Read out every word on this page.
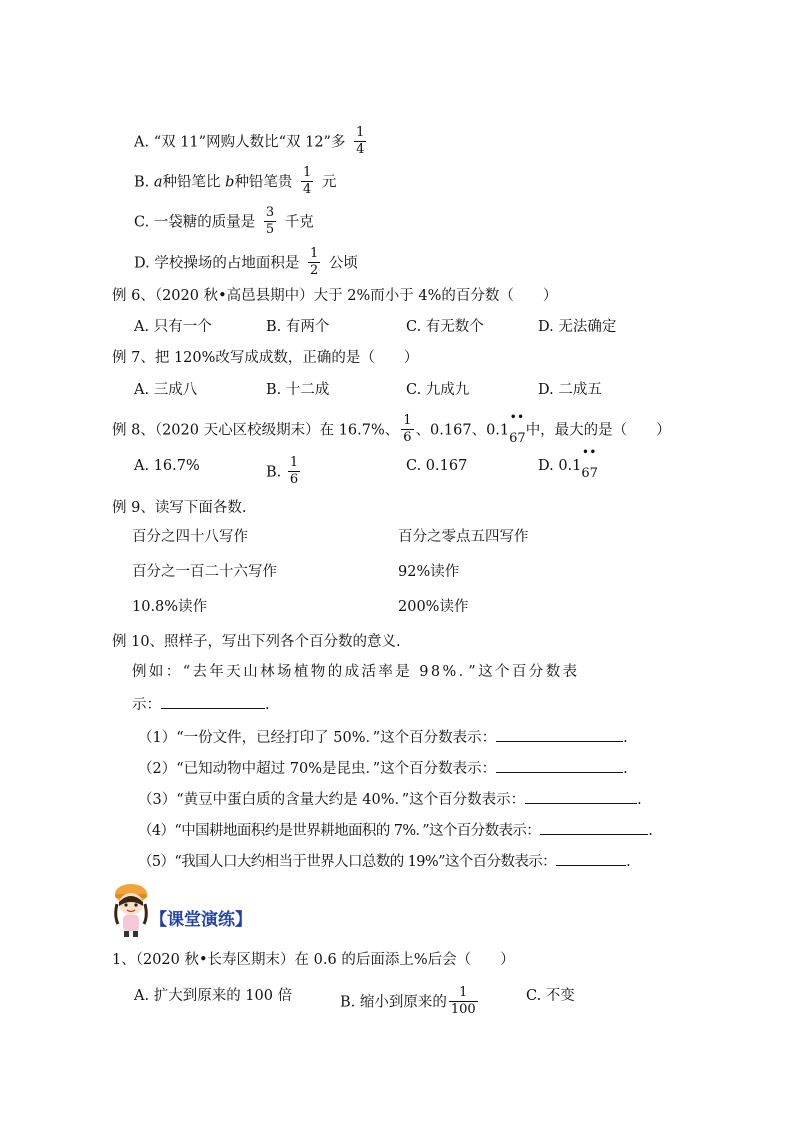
A. “双 11”网购人数比“双 12”多 $\frac{1}{4}$
B. a种铅笔比 b种铅笔贵 $\frac{1}{4}$ 元
C. 一袋糖的质量是 $\frac{3}{5}$ 千克
D. 学校操场的占地面积是 $\frac{1}{2}$ 公顷
例 6、（2020 秋•高邑县期中）大于 2%而小于 4%的百分数（　　）
A. 只有一个	B. 有两个	C. 有无数个	D. 无法确定
例 7、把 120%改写成成数，正确的是（　　）
A. 三成八	B. 十二成	C. 九成九	D. 二成五
例 8、（2020 天心区校级期末）在 16.7%、 $\frac{1}{6}$ 、0.167、0.1
••
67中，最大的是（　　）
A. 16.7%	B. $\frac{1}{6}$	C. 0.167	D. 0.1
••
67
例 9、读写下面各数.
百分之四十八写作	百分之零点五四写作
百分之一百二十六写作	92%读作
10.8%读作	200%读作
例 10、照样子，写出下列各个百分数的意义.
例如：“去年天山林场植物的成活率是 98%．”这个百分数表
示：	.
（1）“一份文件，已经打印了 50%．”这个百分数表示：	.
（2）“已知动物中超过 70%是昆虫．”这个百分数表示：	.
（3）“黄豆中蛋白质的含量大约是 40%．”这个百分数表示：	.
（4）“中国耕地面积约是世界耕地面积的 7%．”这个百分数表示：	.
（5）“我国人口大约相当于世界人口总数的 19%”这个百分数表示：	.
【课堂演练】
1、（2020 秋•长寿区期末）在 0.6 的后面添上%后会（　　）
A. 扩大到原来的 100 倍	B. 缩小到原来的 $\frac{1}{100}$	C. 不变
